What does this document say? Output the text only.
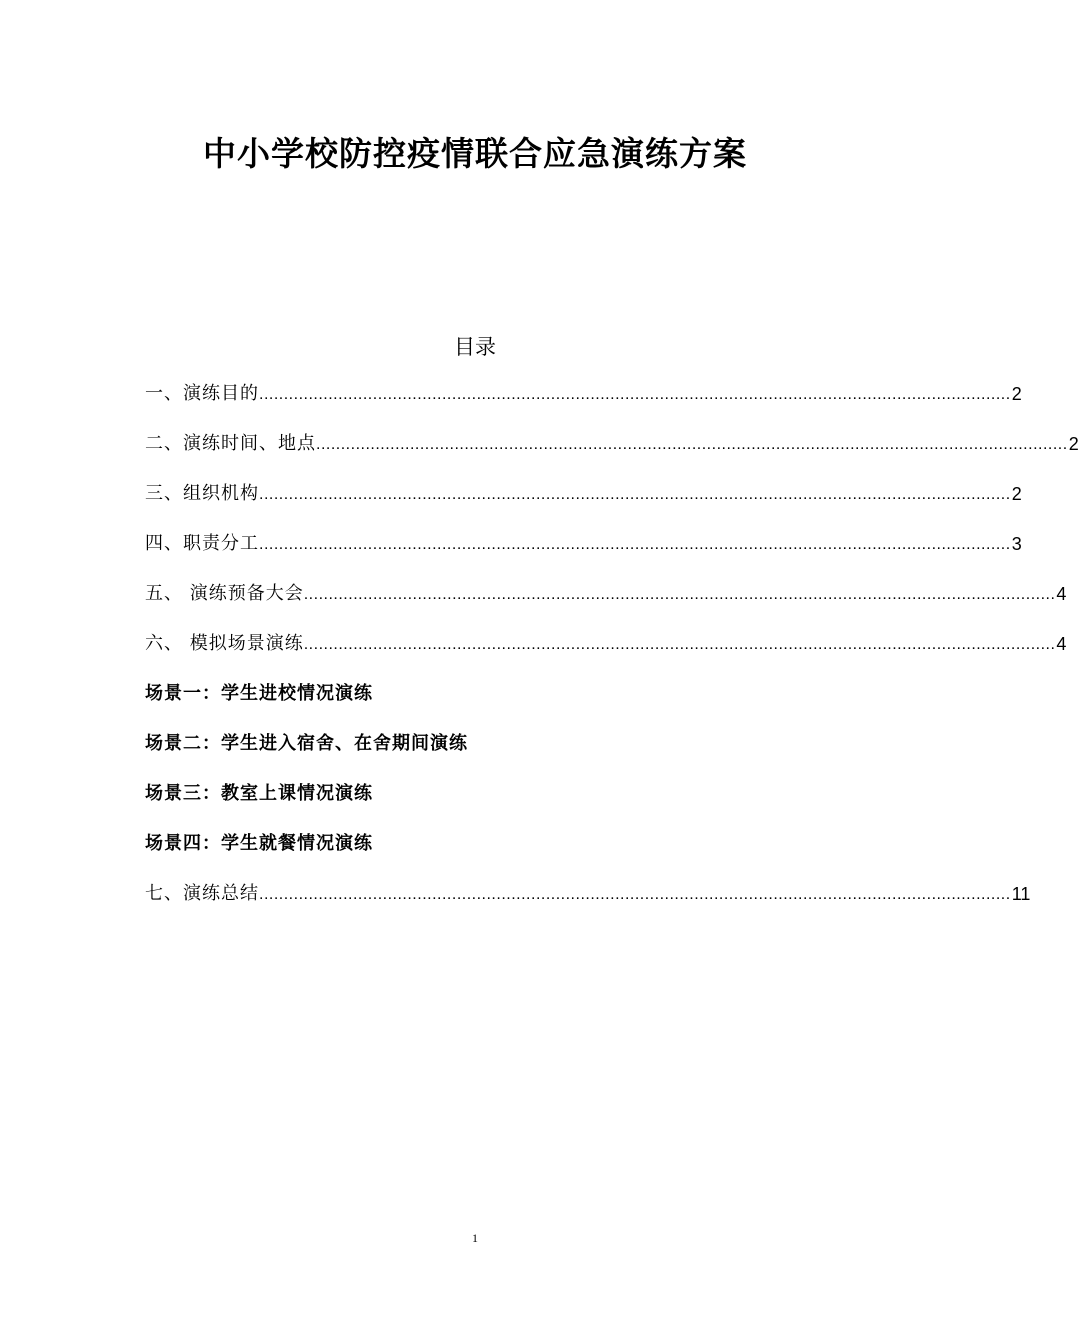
中小学校防控疫情联合应急演练方案
目录
一、演练目的 ........................................................................................................................................................ 2
二、演练时间、地点 ........................................................................................................................................................ 2
三、组织机构 ........................................................................................................................................................ 2
四、职责分工 ........................................................................................................................................................ 3
五、 演练预备大会 ........................................................................................................................................................ 4
六、 模拟场景演练 ........................................................................................................................................................ 4
场景一：学生进校情况演练
场景二：学生进入宿舍、在舍期间演练
场景三：教室上课情况演练
场景四：学生就餐情况演练
七、演练总结 ........................................................................................................................................................ 11
1
